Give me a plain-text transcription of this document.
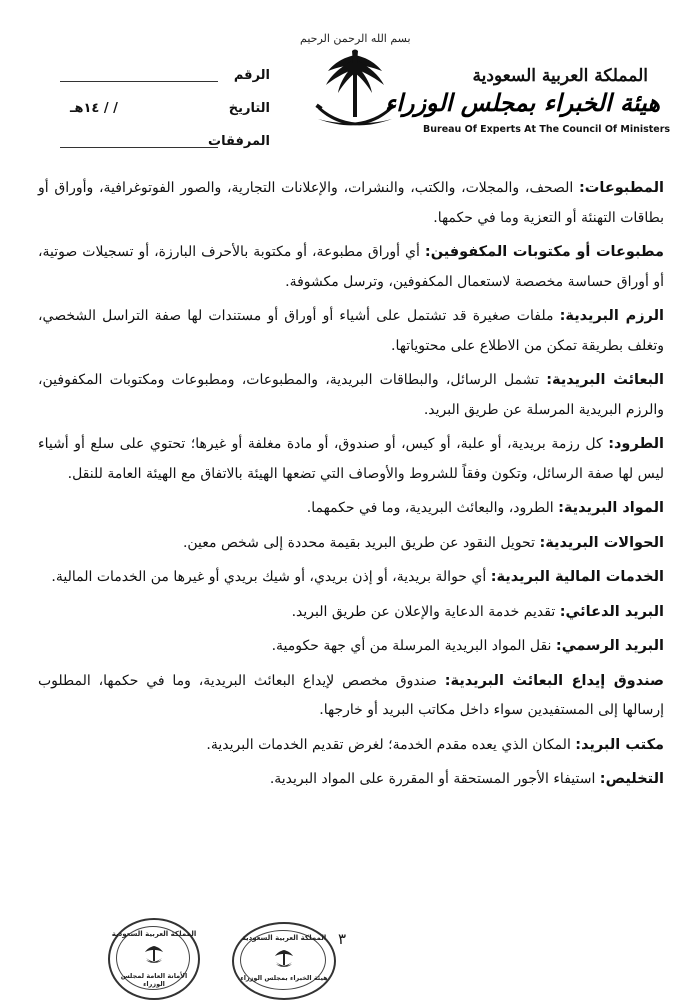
الرقم
التاريخ
/ / ١٤هـ
المرفقات
بسم الله الرحمن الرحيم
المملكة العربية السعودية
هيئة الخبراء بمجلس الوزراء
Bureau Of Experts At The Council Of Ministers

المطبوعات: الصحف، والمجلات، والكتب، والنشرات، والإعلانات التجارية، والصور الفوتوغرافية، وأوراق أو بطاقات التهنئة أو التعزية وما في حكمها.

مطبوعات أو مكتوبات المكفوفين: أي أوراق مطبوعة، أو مكتوبة بالأحرف البارزة، أو تسجيلات صوتية، أو أوراق حساسة مخصصة لاستعمال المكفوفين، وترسل مكشوفة.

الرزم البريدية: ملفات صغيرة قد تشتمل على أشياء أو أوراق أو مستندات لها صفة التراسل الشخصي، وتغلف بطريقة تمكن من الاطلاع على محتوياتها.

البعائث البريدية: تشمل الرسائل، والبطاقات البريدية، والمطبوعات، ومطبوعات ومكتوبات المكفوفين، والرزم البريدية المرسلة عن طريق البريد.

الطرود: كل رزمة بريدية، أو علبة، أو كيس، أو صندوق، أو مادة مغلفة أو غيرها؛ تحتوي على سلع أو أشياء ليس لها صفة الرسائل، وتكون وفقاً للشروط والأوصاف التي تضعها الهيئة بالاتفاق مع الهيئة العامة للنقل.

المواد البريدية: الطرود، والبعائث البريدية، وما في حكمهما.

الحوالات البريدية: تحويل النقود عن طريق البريد بقيمة محددة إلى شخص معين.

الخدمات المالية البريدية: أي حوالة بريدية، أو إذن بريدي، أو شيك بريدي أو غيرها من الخدمات المالية.

البريد الدعائي: تقديم خدمة الدعاية والإعلان عن طريق البريد.

البريد الرسمي: نقل المواد البريدية المرسلة من أي جهة حكومية.

صندوق إيداع البعائث البريدية: صندوق مخصص لإيداع البعائث البريدية، وما في حكمها، المطلوب إرسالها إلى المستفيدين سواء داخل مكاتب البريد أو خارجها.

مكتب البريد: المكان الذي يعده مقدم الخدمة؛ لغرض تقديم الخدمات البريدية.

التخليص: استيفاء الأجور المستحقة أو المقررة على المواد البريدية.

٣
المملكة العربية السعودية
الأمانة العامة لمجلس الوزراء
المملكة العربية السعودية
هيئة الخبراء بمجلس الوزراء
